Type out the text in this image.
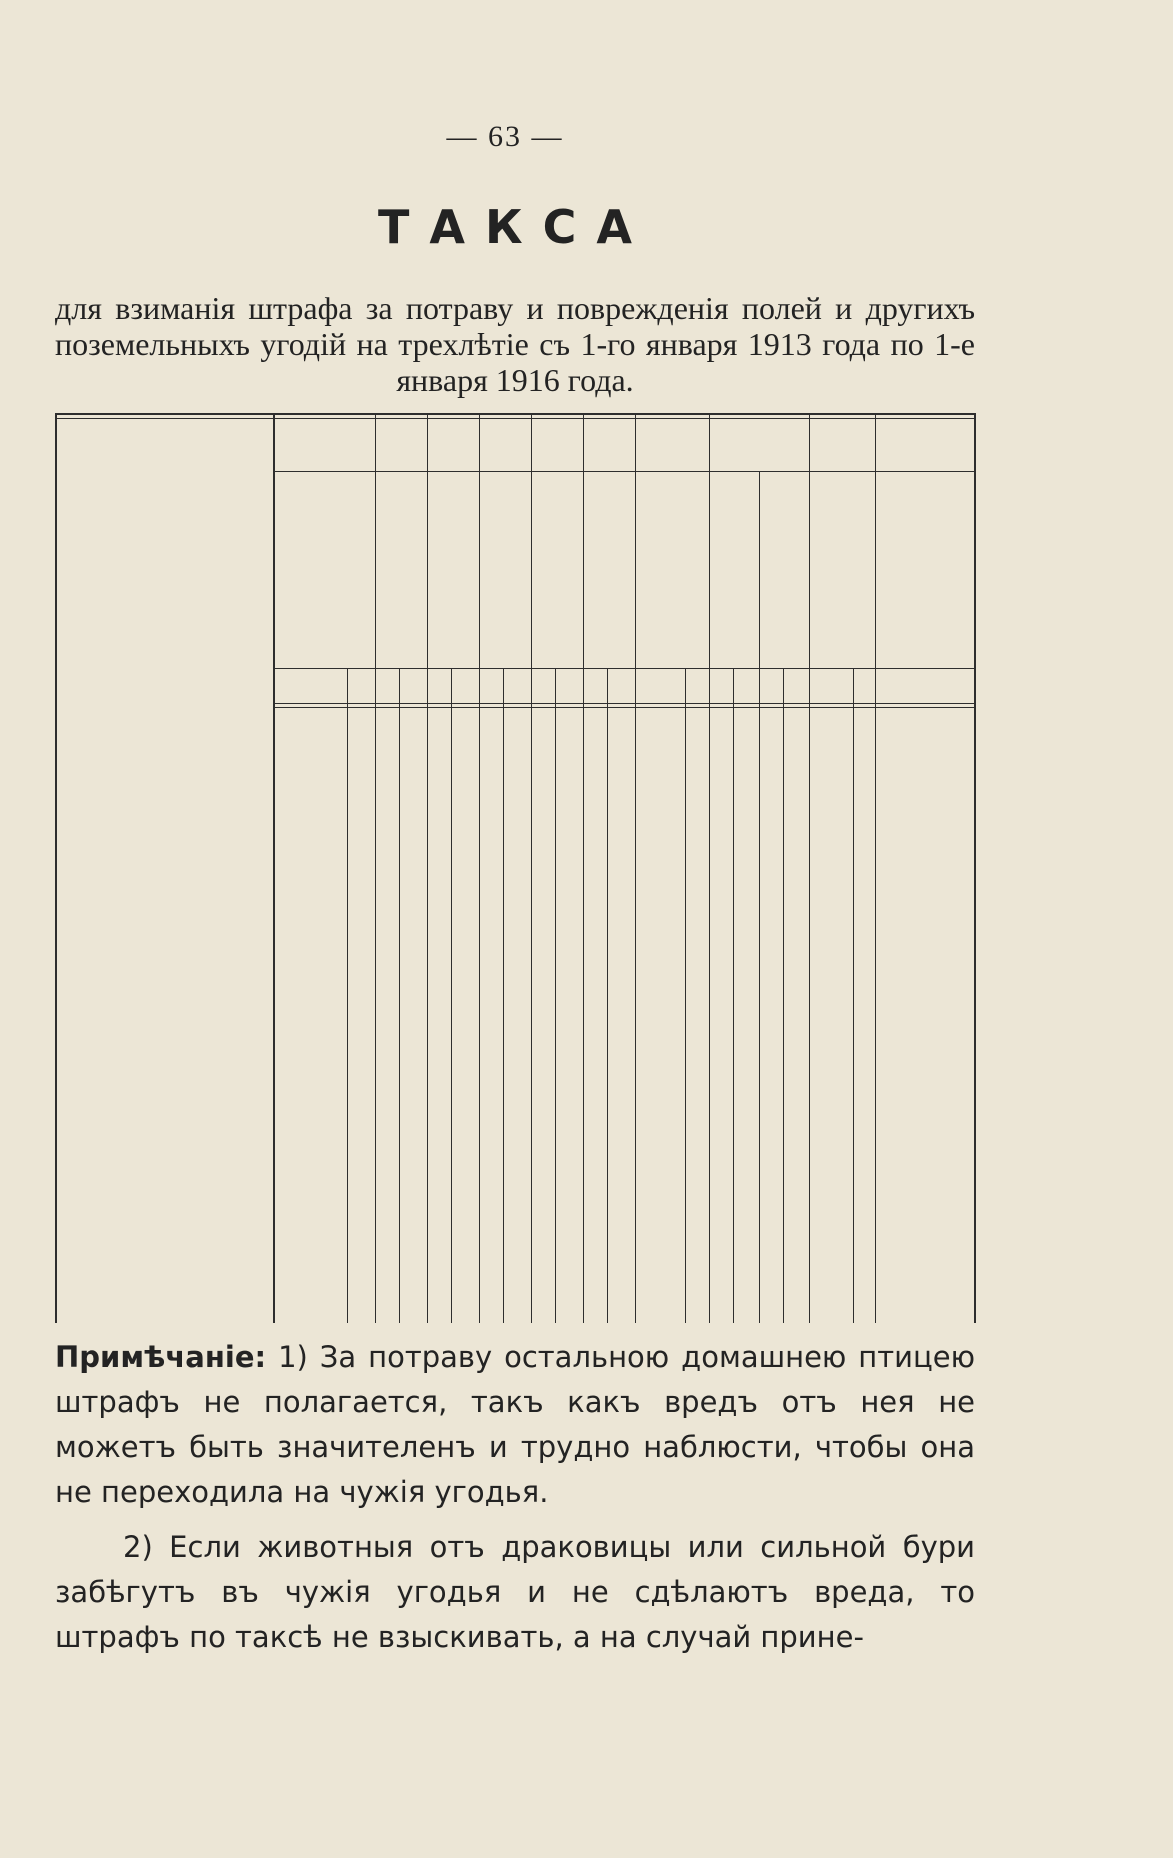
— 63 —
ТАКСА
для взиманія штрафа за потраву и поврежденія полей и другихъ поземельныхъ угодій на трехлѣтіе съ 1-го января 1913 года по 1-е января 1916 года.
Примѣчаніе: 1) За потраву остальною домашнею птицею штрафъ не полагается, такъ какъ вредъ отъ нея не можетъ быть значителенъ и трудно наблюсти, чтобы она не переходила на чужія угодья.
2) Если животныя отъ драковицы или сильной бури забѣгутъ въ чужія угодья и не сдѣлаютъ вреда, то штрафъ по таксѣ не взыскивать, а на случай прине-
